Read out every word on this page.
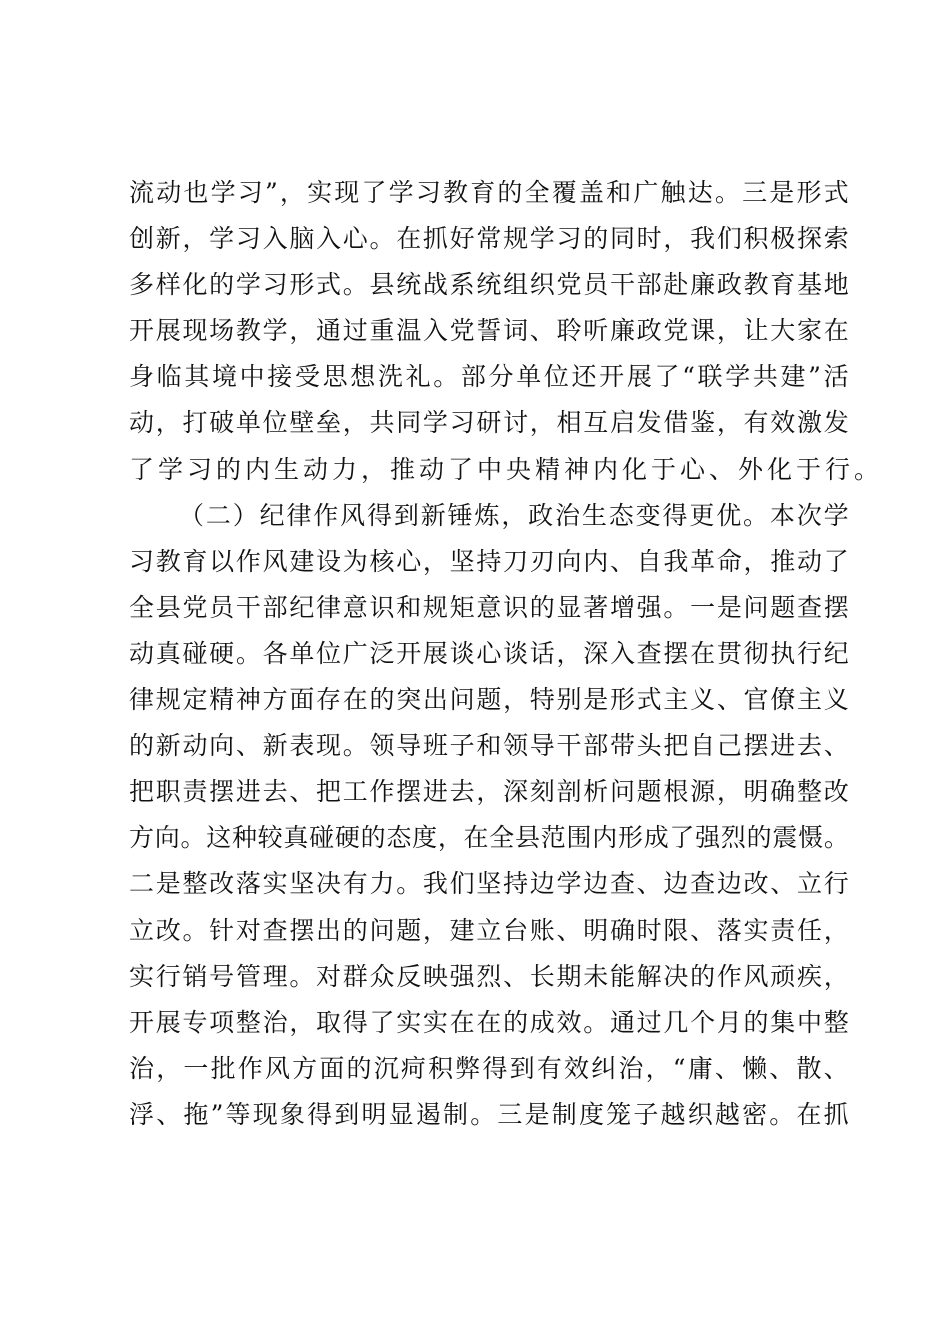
流 动 也 学 习 ” ， 实 现 了 学 习 教 育 的 全 覆 盖 和 广 触 达 。 三 是 形 式
创 新 ， 学 习 入 脑 入 心 。 在 抓 好 常 规 学 习 的 同 时 ， 我 们 积 极 探 索
多 样 化 的 学 习 形 式 。 县 统 战 系 统 组 织 党 员 干 部 赴 廉 政 教 育 基 地
开 展 现 场 教 学 ， 通 过 重 温 入 党 誓 词 、 聆 听 廉 政 党 课 ， 让 大 家 在
身 临 其 境 中 接 受 思 想 洗 礼 。 部 分 单 位 还 开 展 了 “ 联 学 共 建 ” 活
动 ， 打 破 单 位 壁 垒 ， 共 同 学 习 研 讨 ， 相 互 启 发 借 鉴 ， 有 效 激 发
了学习的内生动力，推动了中央精神内化于心、外化于行。
（ 二 ） 纪 律 作 风 得 到 新 锤 炼 ， 政 治 生 态 变 得 更 优 。 本 次 学
习 教 育 以 作 风 建 设 为 核 心 ， 坚 持 刀 刃 向 内 、 自 我 革 命 ， 推 动 了
全 县 党 员 干 部 纪 律 意 识 和 规 矩 意 识 的 显 著 增 强 。 一 是 问 题 查 摆
动 真 碰 硬 。 各 单 位 广 泛 开 展 谈 心 谈 话 ， 深 入 查 摆 在 贯 彻 执 行 纪
律 规 定 精 神 方 面 存 在 的 突 出 问 题 ， 特 别 是 形 式 主 义 、 官 僚 主 义
的 新 动 向 、 新 表 现 。 领 导 班 子 和 领 导 干 部 带 头 把 自 己 摆 进 去 、
把 职 责 摆 进 去 、 把 工 作 摆 进 去 ， 深 刻 剖 析 问 题 根 源 ， 明 确 整 改
方 向 。 这 种 较 真 碰 硬 的 态 度 ， 在 全 县 范 围 内 形 成 了 强 烈 的 震 慑 。
二 是 整 改 落 实 坚 决 有 力 。 我 们 坚 持 边 学 边 查 、 边 查 边 改 、 立 行
立 改 。 针 对 查 摆 出 的 问 题 ， 建 立 台 账 、 明 确 时 限 、 落 实 责 任 ，
实 行 销 号 管 理 。 对 群 众 反 映 强 烈 、 长 期 未 能 解 决 的 作 风 顽 疾 ，
开 展 专 项 整 治 ， 取 得 了 实 实 在 在 的 成 效 。 通 过 几 个 月 的 集 中 整
治 ， 一 批 作 风 方 面 的 沉 疴 积 弊 得 到 有 效 纠 治 ， “ 庸 、 懒 、 散 、
浮 、 拖 ” 等 现 象 得 到 明 显 遏 制 。 三 是 制 度 笼 子 越 织 越 密 。 在 抓
